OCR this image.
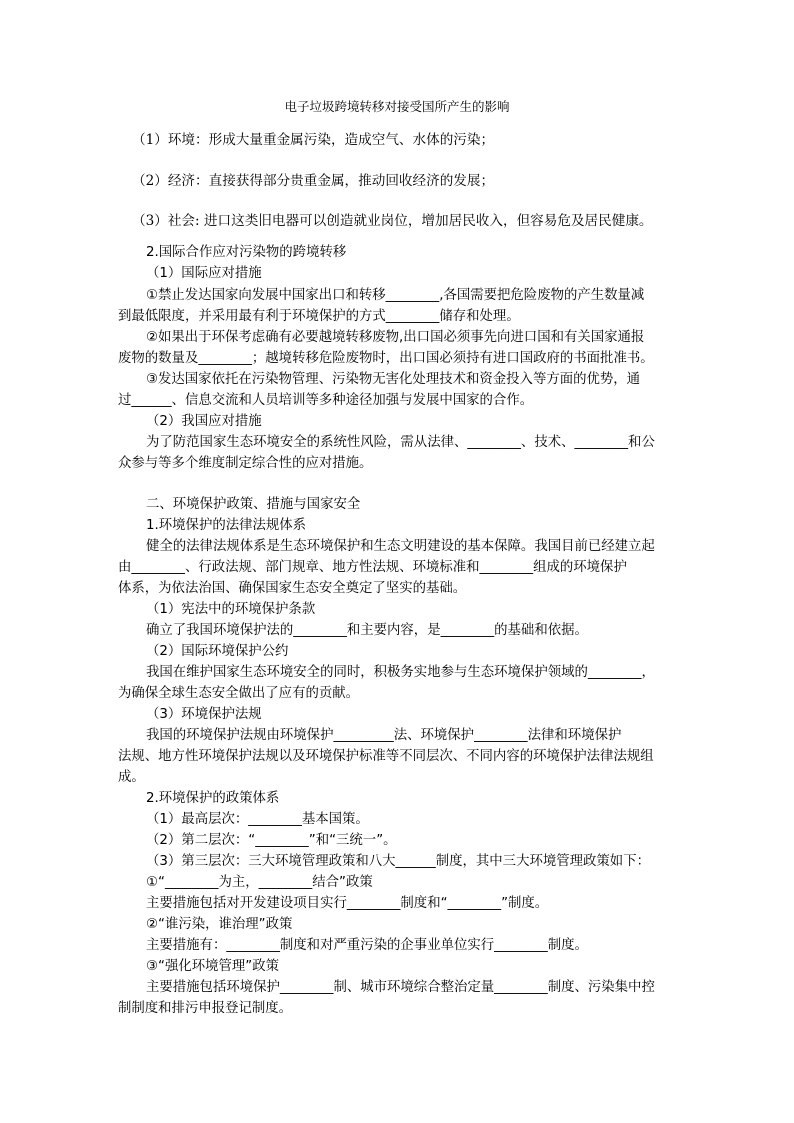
电子垃圾跨境转移对接受国所产生的影响
（1）环境：形成大量重金属污染，造成空气、水体的污染；
（2）经济：直接获得部分贵重金属，推动回收经济的发展；
（3）社会: 进口这类旧电器可以创造就业岗位，增加居民收入，但容易危及居民健康。
2.国际合作应对污染物的跨境转移
（1）国际应对措施
①禁止发达国家向发展中国家出口和转移________,各国需要把危险废物的产生数量减
到最低限度，并采用最有利于环境保护的方式________储存和处理。
②如果出于环保考虑确有必要越境转移废物,出口国必须事先向进口国和有关国家通报
废物的数量及________；越境转移危险废物时，出口国必须持有进口国政府的书面批准书。
③发达国家依托在污染物管理、污染物无害化处理技术和资金投入等方面的优势，通
过______、信息交流和人员培训等多种途径加强与发展中国家的合作。
（2）我国应对措施
为了防范国家生态环境安全的系统性风险，需从法律、________、技术、________和公
众参与等多个维度制定综合性的应对措施。
二、环境保护政策、措施与国家安全
1.环境保护的法律法规体系
健全的法律法规体系是生态环境保护和生态文明建设的基本保障。我国目前已经建立起
由________、行政法规、部门规章、地方性法规、环境标准和________组成的环境保护
体系，为依法治国、确保国家生态安全奠定了坚实的基础。
（1）宪法中的环境保护条款
确立了我国环境保护法的________和主要内容，是________的基础和依据。
（2）国际环境保护公约
我国在维护国家生态环境安全的同时，积极务实地参与生态环境保护领域的________，
为确保全球生态安全做出了应有的贡献。
（3）环境保护法规
我国的环境保护法规由环境保护_________法、环境保护________法律和环境保护
法规、地方性环境保护法规以及环境保护标准等不同层次、不同内容的环境保护法律法规组
成。
2.环境保护的政策体系
（1）最高层次：________基本国策。
（2）第二层次：“________”和“三统一”。
（3）第三层次：三大环境管理政策和八大______制度，其中三大环境管理政策如下：
①“________为主，________结合”政策
主要措施包括对开发建设项目实行________制度和“________”制度。
②“谁污染，谁治理”政策
主要措施有：________制度和对严重污染的企事业单位实行________制度。
③“强化环境管理”政策
主要措施包括环境保护________制、城市环境综合整治定量________制度、污染集中控
制制度和排污申报登记制度。
